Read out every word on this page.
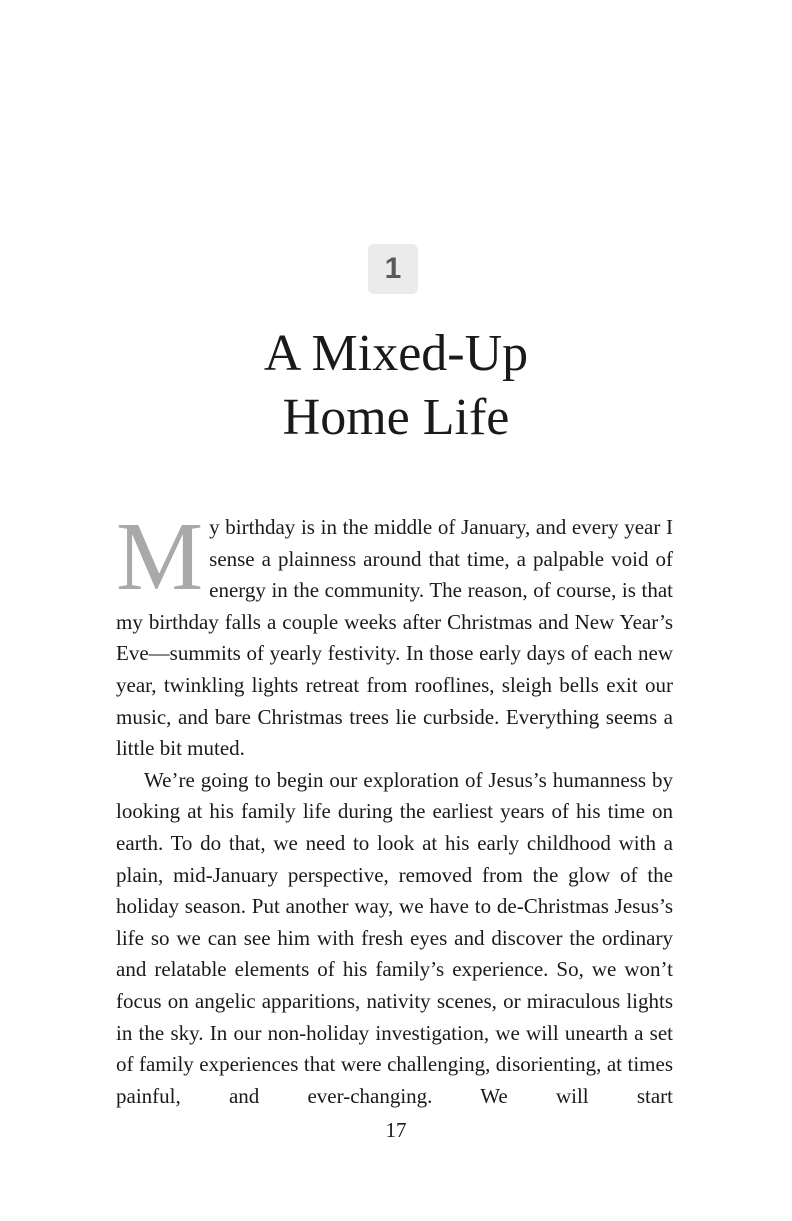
1
A Mixed-Up
Home Life

My birthday is in the middle of January, and every year I sense a plainness around that time, a palpable void of energy in the community. The reason, of course, is that my birthday falls a couple weeks after Christmas and New Year’s Eve—summits of yearly festivity. In those early days of each new year, twinkling lights retreat from rooflines, sleigh bells exit our music, and bare Christmas trees lie curbside. Everything seems a little bit muted.

We’re going to begin our exploration of Jesus’s humanness by looking at his family life during the earliest years of his time on earth. To do that, we need to look at his early childhood with a plain, mid-January perspective, removed from the glow of the holiday season. Put another way, we have to de-Christmas Jesus’s life so we can see him with fresh eyes and discover the ordinary and relatable elements of his family’s experience. So, we won’t focus on angelic apparitions, nativity scenes, or miraculous lights in the sky. In our non-holiday investigation, we will unearth a set of family experiences that were challenging, disorienting, at times painful, and ever-changing. We will start

17
